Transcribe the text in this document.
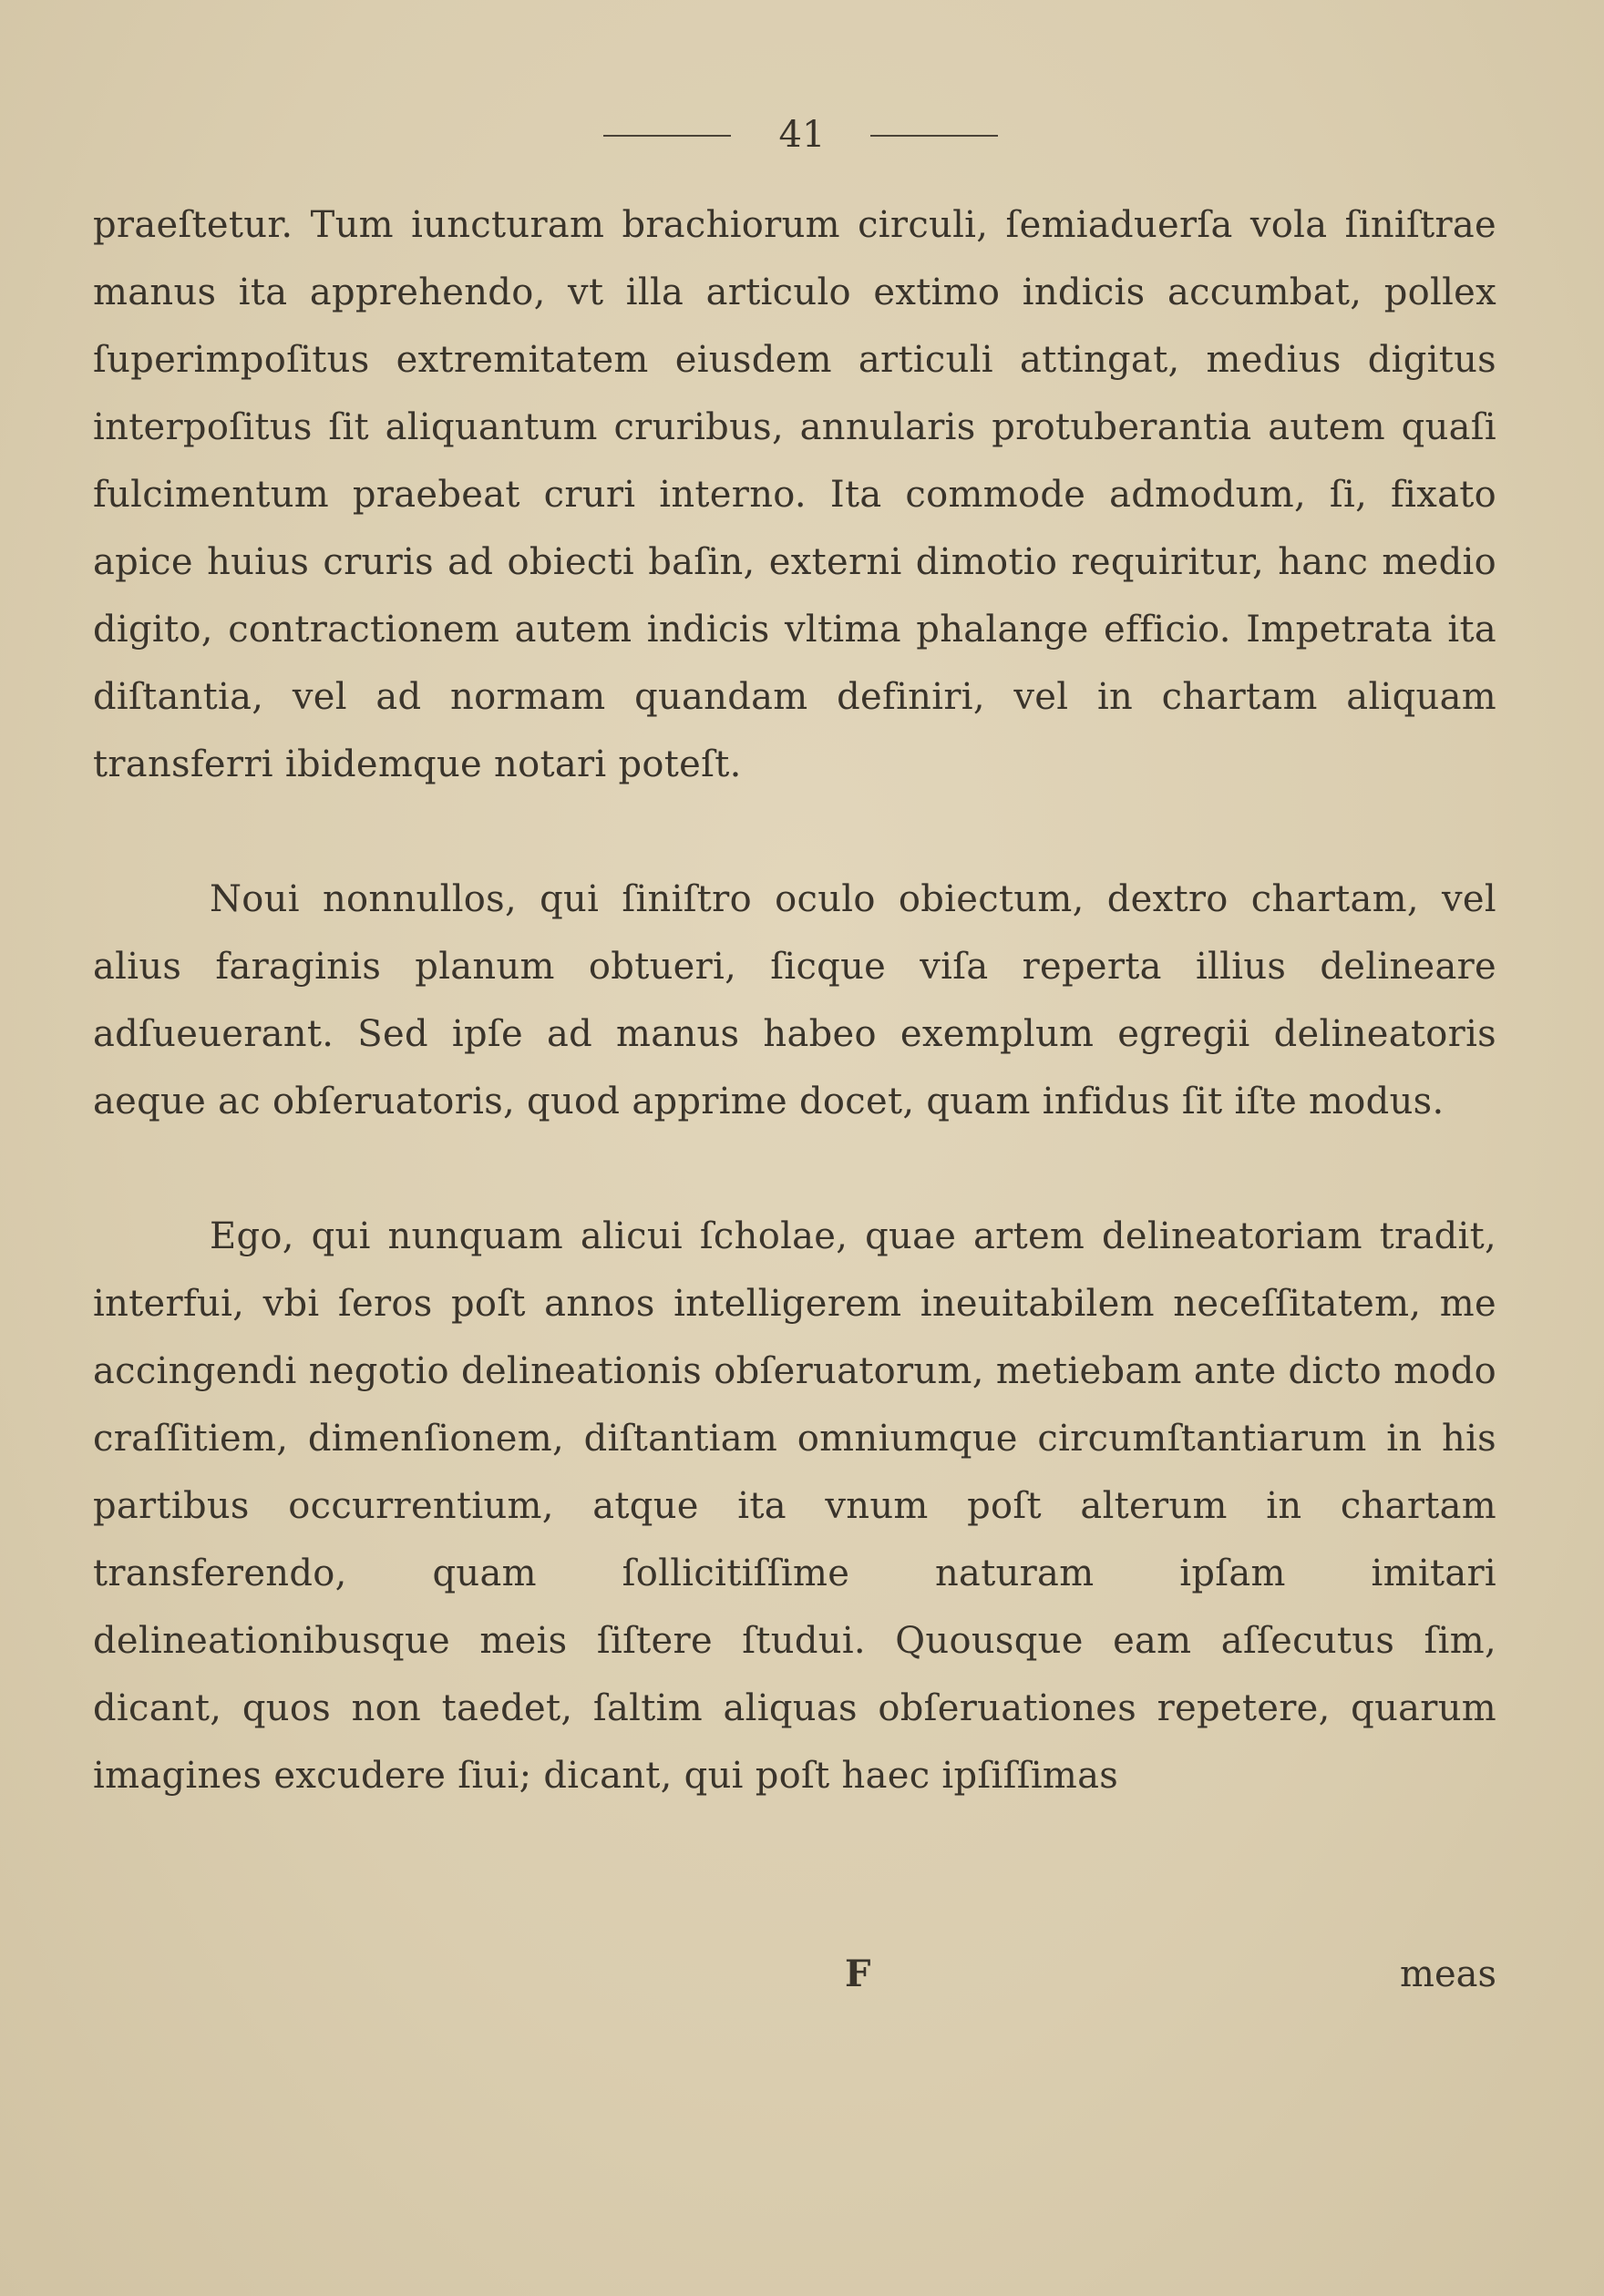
41

praeſtetur. Tum iuncturam brachiorum circuli, ſemiaduerſa vola ſiniſtrae manus ita apprehendo, vt illa articulo extimo indicis accumbat, pollex ſuperimpoſitus extremitatem eiusdem articuli attingat, medius digitus interpoſitus ſit aliquantum cruribus, annularis protuberantia autem quaſi fulcimentum praebeat cruri interno. Ita commode admodum, ſi, fixato apice huius cruris ad obiecti baſin, externi dimotio requiritur, hanc medio digito, contractionem autem indicis vltima phalange efficio. Impetrata ita diſtantia, vel ad normam quandam definiri, vel in chartam aliquam transferri ibidemque notari poteſt.

Noui nonnullos, qui ſiniſtro oculo obiectum, dextro chartam, vel alius faraginis planum obtueri, ſicque viſa reperta illius delineare adſueuerant. Sed ipſe ad manus habeo exemplum egregii delineatoris aeque ac obſeruatoris, quod apprime docet, quam infidus ſit iſte modus.

Ego, qui nunquam alicui ſcholae, quae artem delineatoriam tradit, interfui, vbi ſeros poſt annos intelligerem ineuitabilem neceſſitatem, me accingendi negotio delineationis obſeruatorum, metiebam ante dicto modo craſſitiem, dimenſionem, diſtantiam omniumque circumſtantiarum in his partibus occurrentium, atque ita vnum poſt alterum in chartam transferendo, quam ſollicitiſſime naturam ipſam imitari delineationibusque meis ſiſtere ſtudui. Quousque eam aſſecutus ſim, dicant, quos non taedet, ſaltim aliquas obſeruationes repetere, quarum imagines excudere ſiui; dicant, qui poſt haec ipſiſſimas

F	meas
